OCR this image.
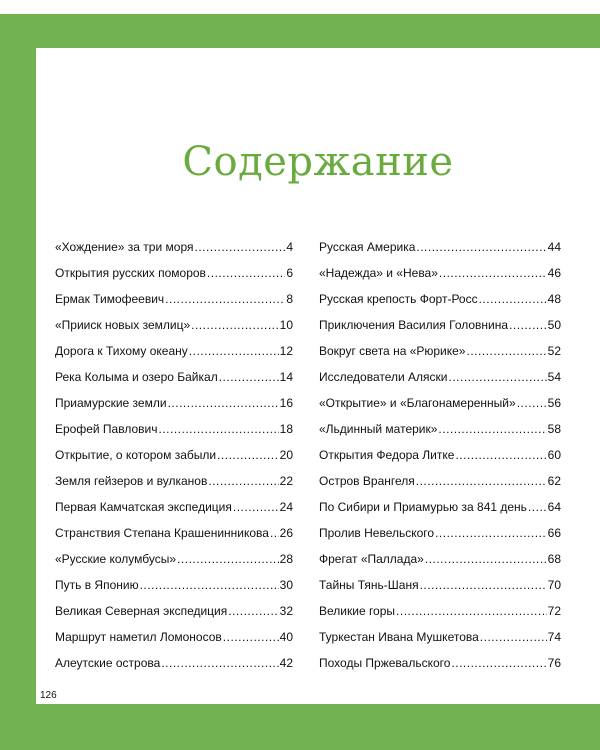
Содержание
«Хождение» за три моря .....	4
Открытия русских поморов .....	6
Ермак Тимофеевич .....	8
«Прииск новых землиц» .....	10
Дорога к Тихому океану .....	12
Река Колыма и озеро Байкал .....	14
Приамурские земли .....	16
Ерофей Павлович .....	18
Открытие, о котором забыли .....	20
Земля гейзеров и вулканов .....	22
Первая Камчатская экспедиция .....	24
Странствия Степана Крашенинникова ..... 26
«Русские колумбусы» .....	28
Путь в Японию .....	30
Великая Северная экспедиция .....	32
Маршрут наметил Ломоносов .....	40
Алеутские острова .....	42
Русская Америка .....	44
«Надежда» и «Нева» .....	46
Русская крепость Форт-Росс .....	48
Приключения Василия Головнина .....	50
Вокруг света на «Рюрике» .....	52
Исследователи Аляски .....	54
«Открытие» и «Благонамеренный» .....	56
«Льдинный материк» .....	58
Открытия Федора Литке .....	60
Остров Врангеля .....	62
По Сибири и Приамурью за 841 день ..... 64
Пролив Невельского .....	66
Фрегат «Паллада» .....	68
Тайны Тянь-Шаня .....	70
Великие горы .....	72
Туркестан Ивана Мушкетова .....	74
Походы Пржевальского .....	76
126
